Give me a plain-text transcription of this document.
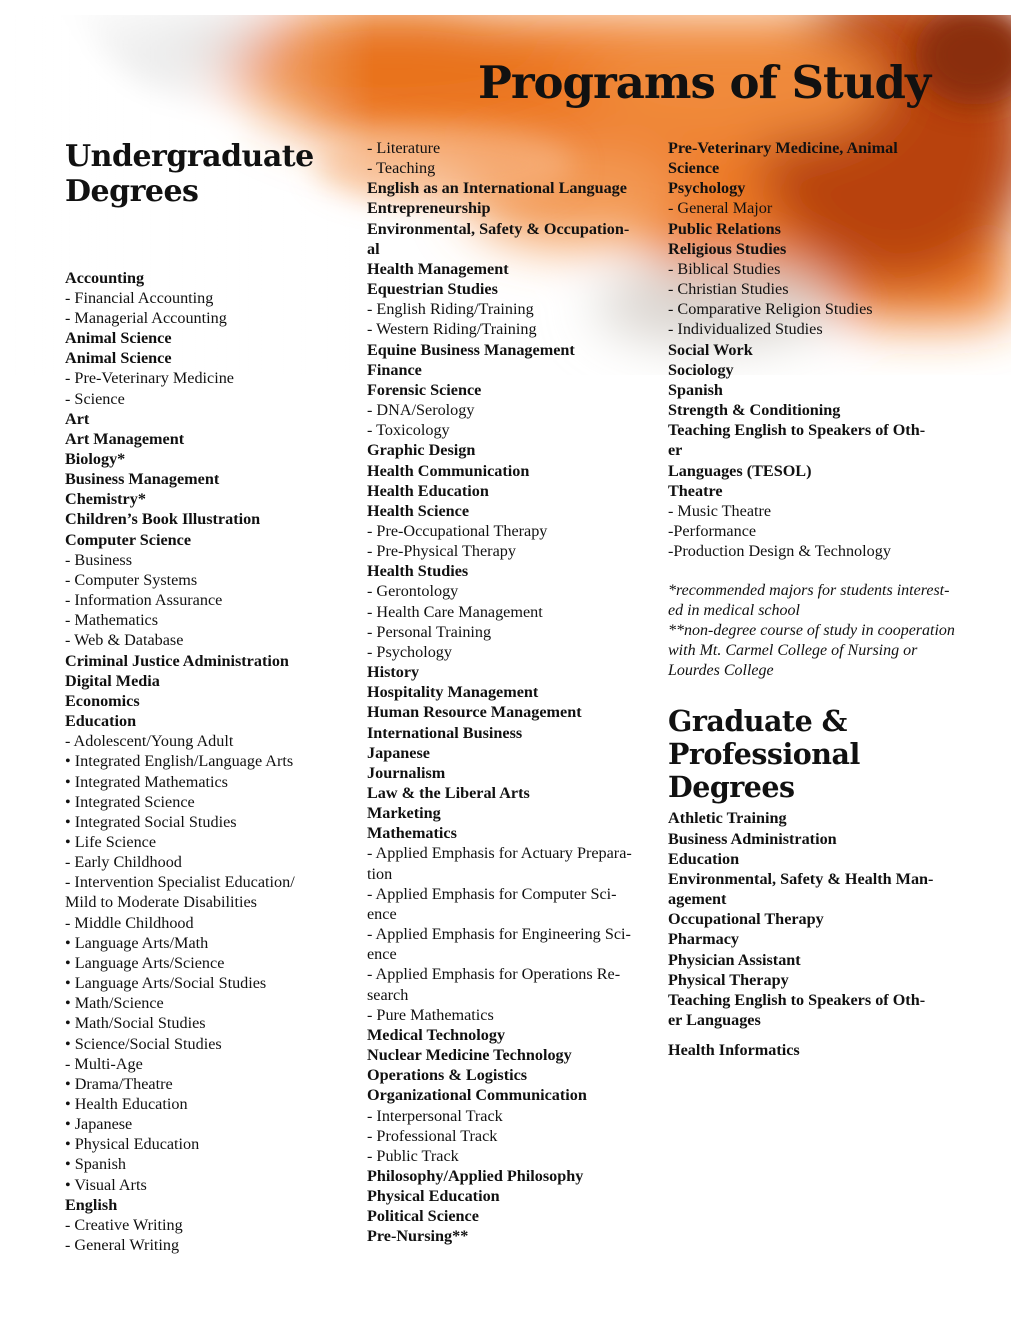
Programs of Study
Undergraduate Degrees
Accounting
- Financial Accounting
- Managerial Accounting
Animal Science
Animal Science
- Pre-Veterinary Medicine
- Science
Art
Art Management
Biology*
Business Management
Chemistry*
Children’s Book Illustration
Computer Science
- Business
- Computer Systems
- Information Assurance
- Mathematics
- Web & Database
Criminal Justice Administration
Digital Media
Economics
Education
- Adolescent/Young Adult
• Integrated English/Language Arts
• Integrated Mathematics
• Integrated Science
• Integrated Social Studies
• Life Science
- Early Childhood
- Intervention Specialist Education/
Mild to Moderate Disabilities
- Middle Childhood
• Language Arts/Math
• Language Arts/Science
• Language Arts/Social Studies
• Math/Science
• Math/Social Studies
• Science/Social Studies
- Multi-Age
• Drama/Theatre
• Health Education
• Japanese
• Physical Education
• Spanish
• Visual Arts
English
- Creative Writing
- General Writing
- Literature
- Teaching
English as an International Language
Entrepreneurship
Environmental, Safety & Occupation-
al
Health Management
Equestrian Studies
- English Riding/Training
- Western Riding/Training
Equine Business Management
Finance
Forensic Science
- DNA/Serology
- Toxicology
Graphic Design
Health Communication
Health Education
Health Science
- Pre-Occupational Therapy
- Pre-Physical Therapy
Health Studies
- Gerontology
- Health Care Management
- Personal Training
- Psychology
History
Hospitality Management
Human Resource Management
International Business
Japanese
Journalism
Law & the Liberal Arts
Marketing
Mathematics
- Applied Emphasis for Actuary Prepara-
tion
- Applied Emphasis for Computer Sci-
ence
- Applied Emphasis for Engineering Sci-
ence
- Applied Emphasis for Operations Re-
search
- Pure Mathematics
Medical Technology
Nuclear Medicine Technology
Operations & Logistics
Organizational Communication
- Interpersonal Track
- Professional Track
- Public Track
Philosophy/Applied Philosophy
Physical Education
Political Science
Pre-Nursing**
Pre-Veterinary Medicine, Animal
Science
Psychology
- General Major
Public Relations
Religious Studies
- Biblical Studies
- Christian Studies
- Comparative Religion Studies
- Individualized Studies
Social Work
Sociology
Spanish
Strength & Conditioning
Teaching English to Speakers of Oth-
er
Languages (TESOL)
Theatre
- Music Theatre
-Performance
-Production Design & Technology

*recommended majors for students interest-

ed in medical school

**non-degree course of study in cooperation

with Mt. Carmel College of Nursing or

Lourdes College

Graduate & Professional Degrees
Athletic Training
Business Administration
Education
Environmental, Safety & Health Man-
agement
Occupational Therapy
Pharmacy
Physician Assistant
Physical Therapy
Teaching English to Speakers of Oth-
er Languages
Health Informatics
